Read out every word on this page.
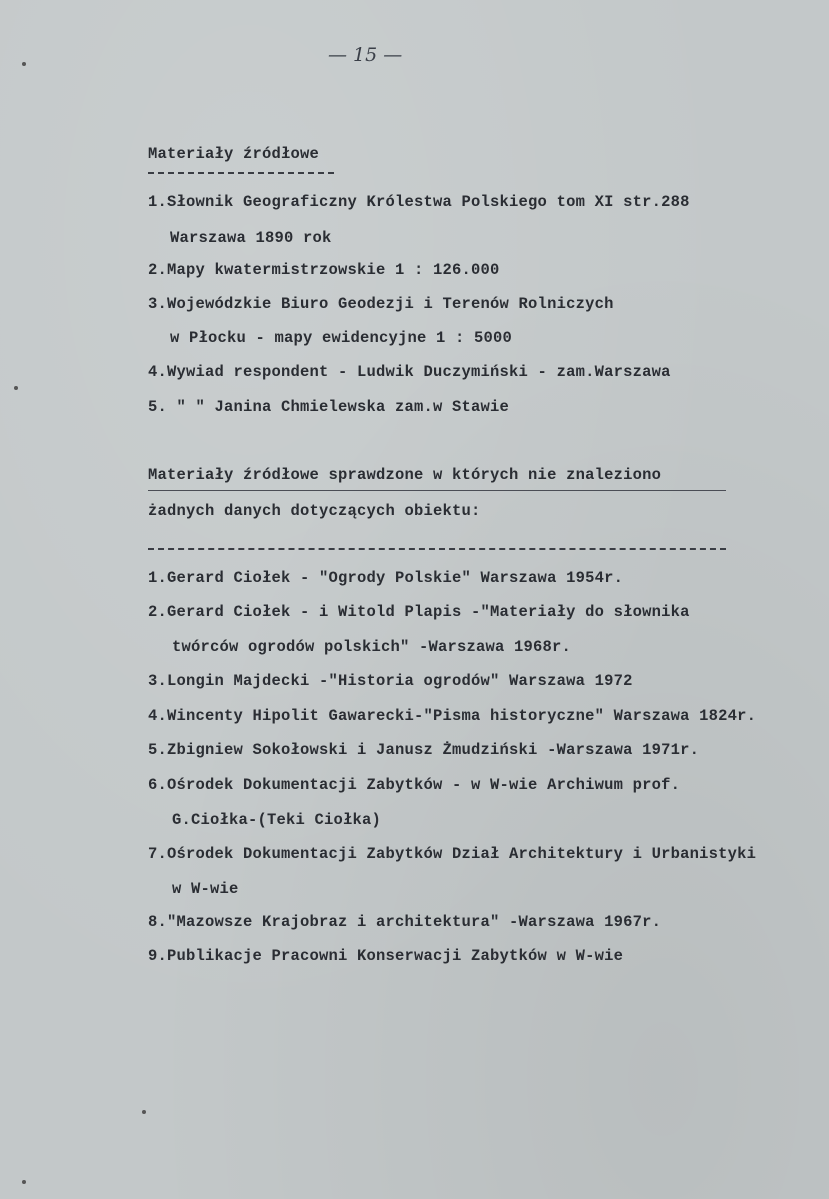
— 15 —
Materiały źródłowe
1.Słownik Geograficzny Królestwa Polskiego tom XI str.288
Warszawa 1890 rok
2.Mapy kwatermistrzowskie 1 : 126.000
3.Wojewódzkie Biuro Geodezji i Terenów Rolniczych
w Płocku - mapy ewidencyjne 1 : 5000
4.Wywiad respondent - Ludwik Duczymiński - zam.Warszawa
5. " " Janina Chmielewska zam.w Stawie
Materiały źródłowe sprawdzone w których nie znaleziono
żadnych danych dotyczących obiektu:
1.Gerard Ciołek - "Ogrody Polskie" Warszawa 1954r.
2.Gerard Ciołek - i Witold Plapis -"Materiały do słownika
twórców ogrodów polskich" -Warszawa 1968r.
3.Longin Majdecki -"Historia ogrodów" Warszawa 1972
4.Wincenty Hipolit Gawarecki-"Pisma historyczne" Warszawa 1824r.
5.Zbigniew Sokołowski i Janusz Żmudziński -Warszawa 1971r.
6.Ośrodek Dokumentacji Zabytków - w W-wie Archiwum prof.
G.Ciołka-(Teki Ciołka)
7.Ośrodek Dokumentacji Zabytków Dział Architektury i Urbanistyki
w W-wie
8."Mazowsze Krajobraz i architektura" -Warszawa 1967r.
9.Publikacje Pracowni Konserwacji Zabytków w W-wie
